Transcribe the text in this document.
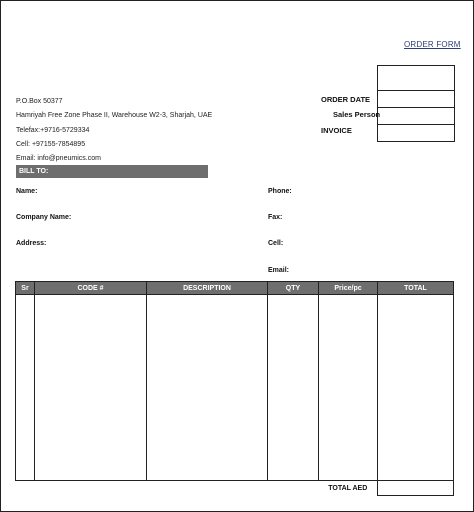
ORDER FORM
ORDER DATE
Sales Person
INVOICE
P.O.Box 50377
Hamriyah Free Zone Phase II, Warehouse W2-3, Sharjah, UAE
Telefax:+9716-5729334
Cell: +97155-7854895
Email: info@pneumics.com
BILL TO:
Name:
Company Name:
Address:
Phone:
Fax:
Cell:
Email:
Sr	CODE #	DESCRIPTION	QTY	Price/pc	TOTAL

				TOTAL AED	
